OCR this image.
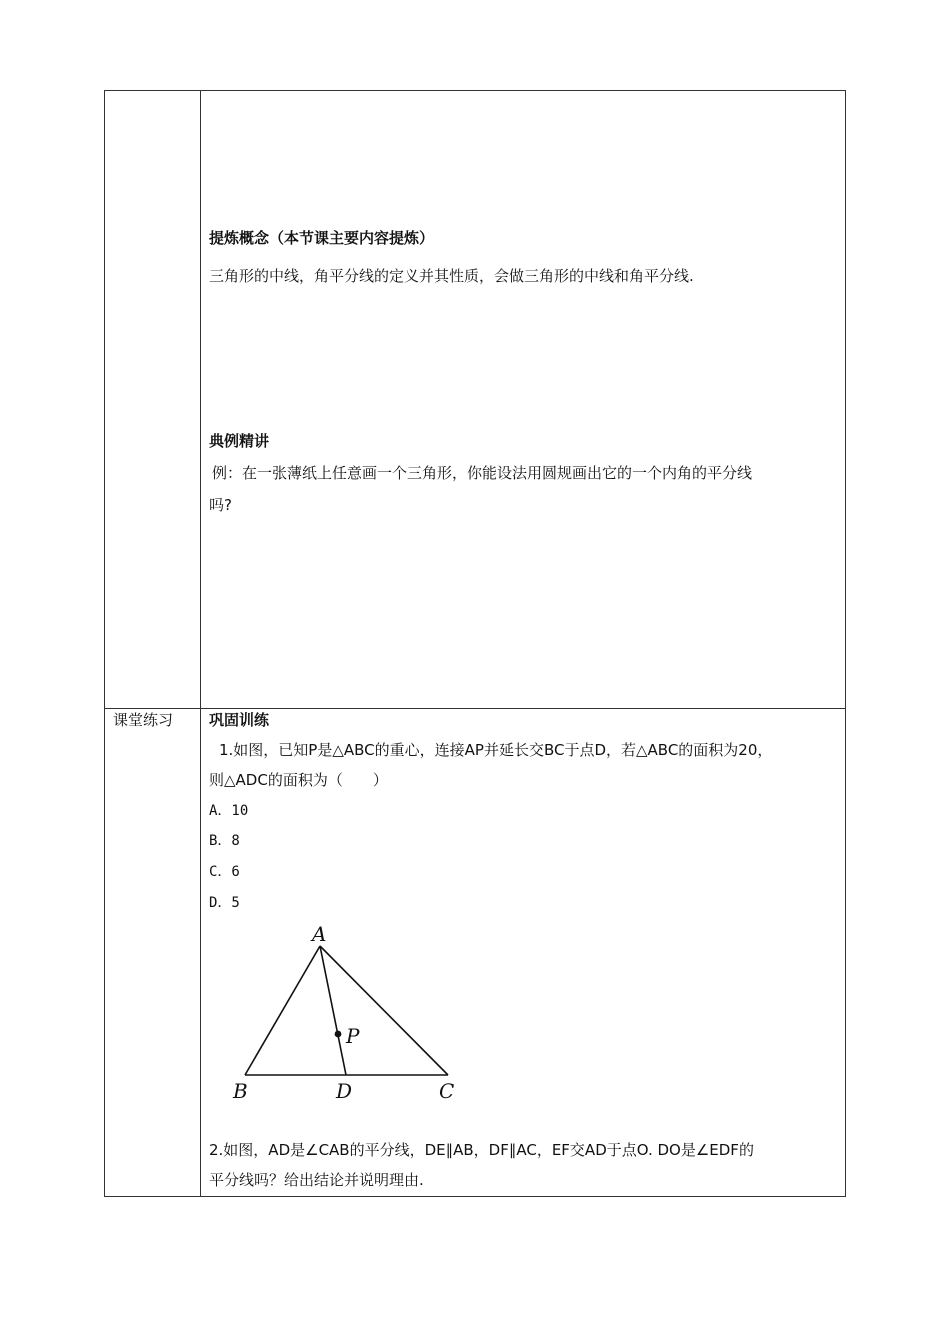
提炼概念（本节课主要内容提炼）
三角形的中线，角平分线的定义并其性质，会做三角形的中线和角平分线.
典例精讲
例：在一张薄纸上任意画一个三角形，你能设法用圆规画出它的一个内角的平分线
吗?
课堂练习 巩固训练
1.如图，已知P是△ABC的重心，连接AP并延长交BC于点D，若△ABC的面积为20，
则△ADC的面积为（　　）
A．10
B．8
C．6
D．5
A
B	C
D
P
2.如图，AD是∠CAB的平分线，DE∥AB，DF∥AC，EF交AD于点O. DO是∠EDF的
平分线吗？给出结论并说明理由.
